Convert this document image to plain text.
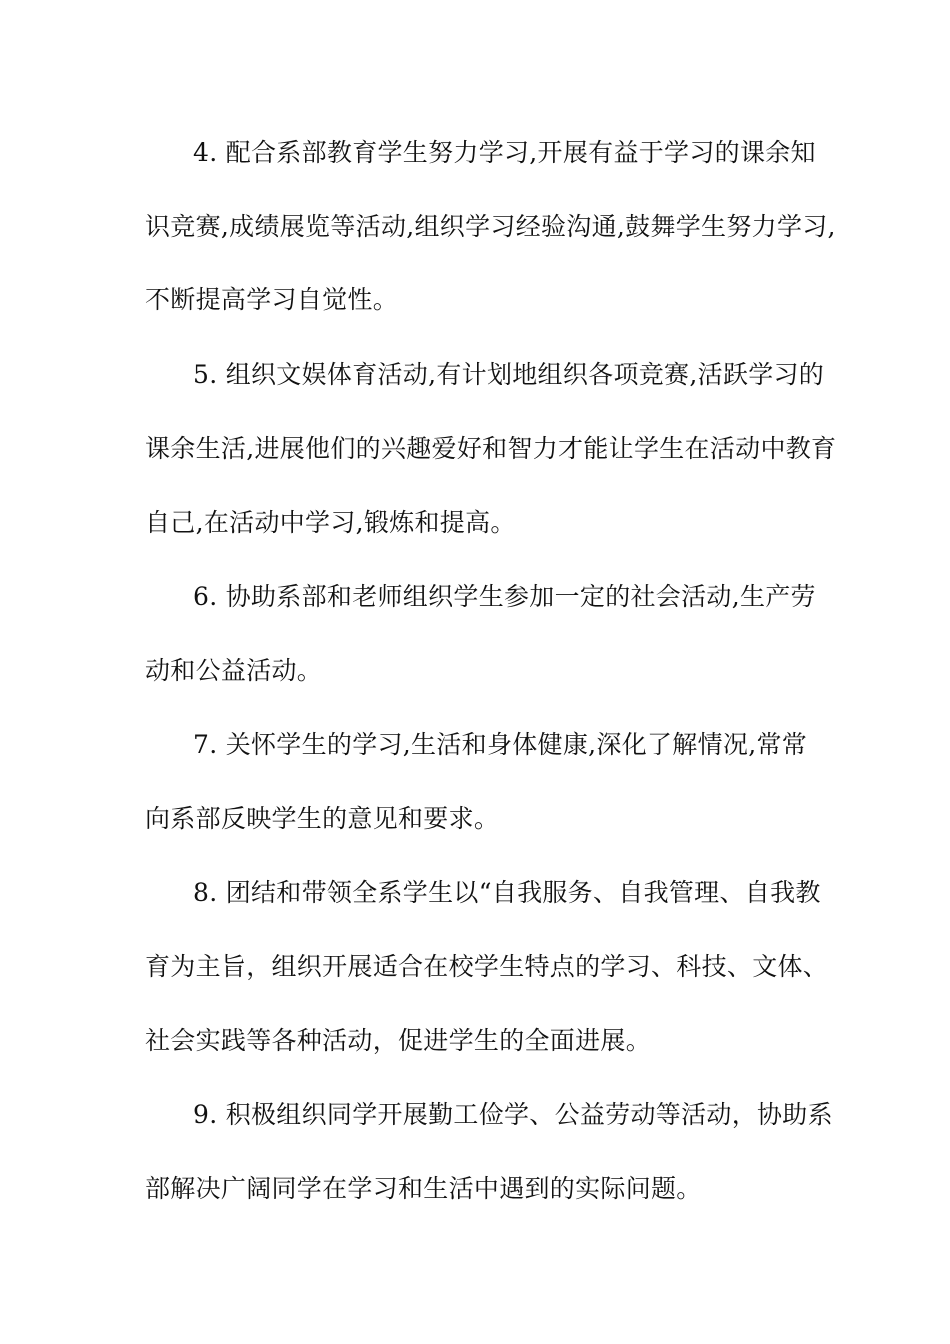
4. 配合系部教育学生努力学习,开展有益于学习的课余知
识竞赛,成绩展览等活动,组织学习经验沟通,鼓舞学生努力学习,
不断提高学习自觉性。
5. 组织文娱体育活动,有计划地组织各项竞赛,活跃学习的
课余生活,进展他们的兴趣爱好和智力才能让学生在活动中教育
自己,在活动中学习,锻炼和提高。
6. 协助系部和老师组织学生参加一定的社会活动,生产劳
动和公益活动。
7. 关怀学生的学习,生活和身体健康,深化了解情况,常常
向系部反映学生的意见和要求。
8. 团结和带领全系学生以“自我服务、自我管理、自我教
育为主旨，组织开展适合在校学生特点的学习、科技、文体、
社会实践等各种活动，促进学生的全面进展。
9. 积极组织同学开展勤工俭学、公益劳动等活动，协助系
部解决广阔同学在学习和生活中遇到的实际问题。
